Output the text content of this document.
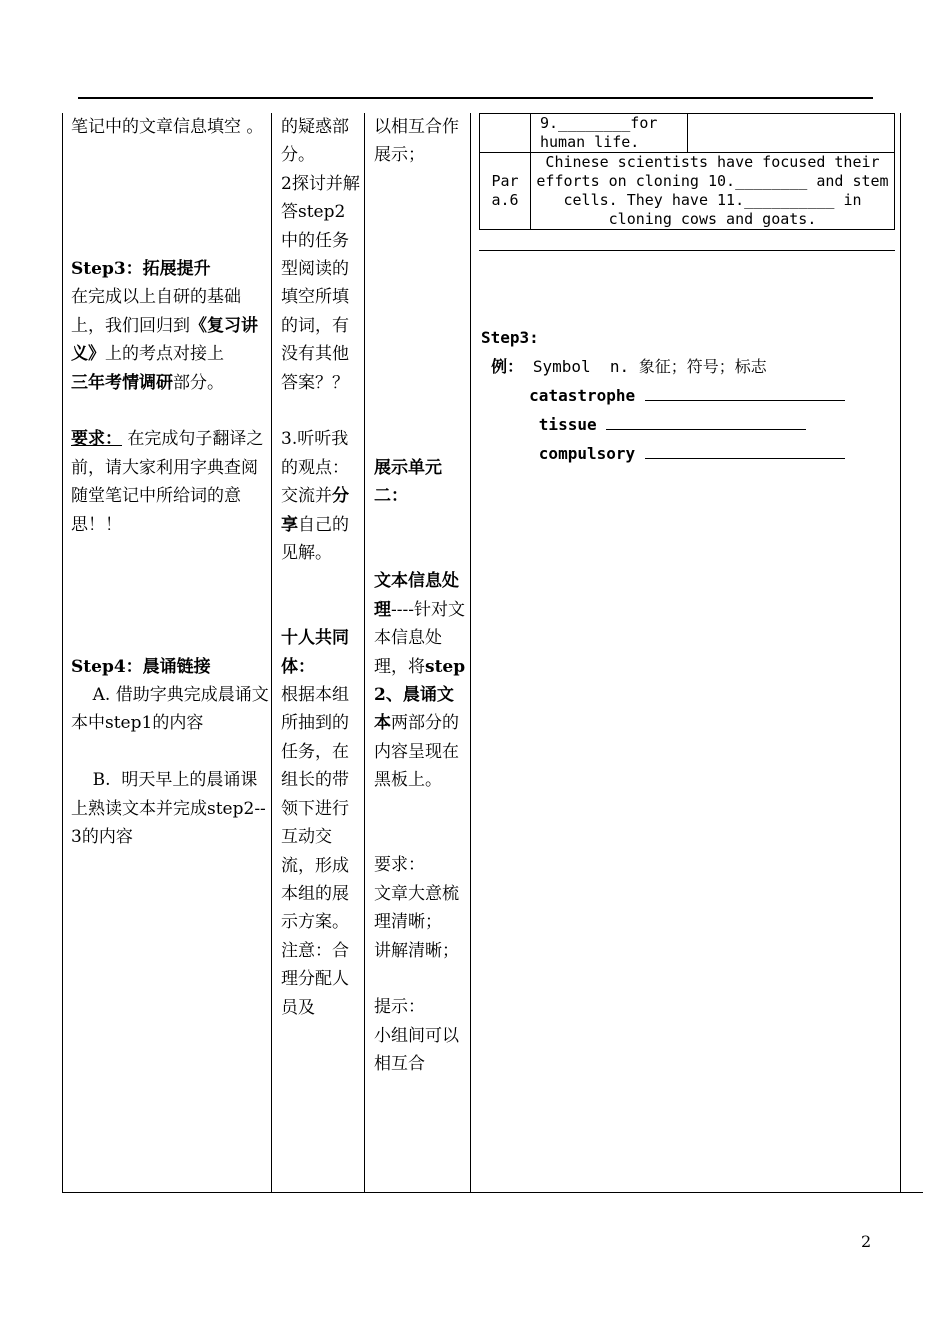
笔记中的文章信息填空 。
Step3：拓展提升
在完成以上自研的基础上，我们回归到《复习讲义》上的考点对接上
三年考情调研部分。
要求： 在完成句子翻译之前，请大家利用字典查阅随堂笔记中所给词的意思！！
Step4：晨诵链接
A. 借助字典完成晨诵文本中step1的内容
B.  明天早上的晨诵课上熟读文本并完成step2--3的内容
的疑惑部分。
2探讨并解答step2中的任务型阅读的填空所填的词，有没有其他答案？？
3.听听我的观点：交流并分享自己的见解。
十人共同体：
根据本组所抽到的任务，在组长的带领下进行互动交流，形成本组的展示方案。
注意：合理分配人员及
以相互合作展示；
展示单元二：
文本信息处理----针对文本信息处理，将step2、晨诵文本两部分的内容呈现在黑板上。
要求：
文章大意梳理清晰；
讲解清晰；
提示：
小组间可以相互合
9.________for human life.
Par a.6
Chinese scientists have focused their efforts on cloning 10.________ and stem cells. They have 11.__________ in cloning cows and goats.
Step3:
例： Symbol  n. 象征；符号；标志
catastrophe
tissue
compulsory
2
